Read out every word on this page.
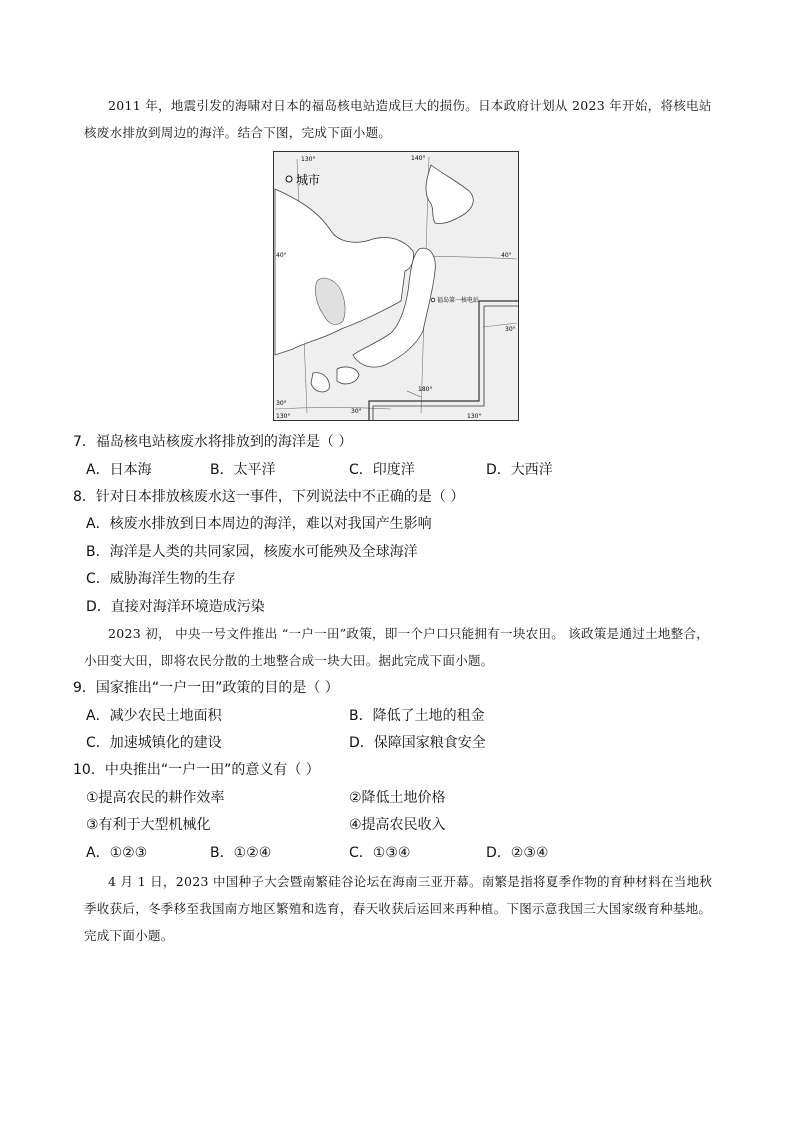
2011 年，地震引发的海啸对日本的福岛核电站造成巨大的损伤。日本政府计划从 2023 年开始，将核电站核废水排放到周边的海洋。结合下图，完成下面小题。
城市
130°	140°
40°	40°
30°
30°
30°
130°
180°
130°
福岛第一核电站
7．福岛核电站核废水将排放到的海洋是（ ）
A．日本海	B．太平洋	C．印度洋	D．大西洋
8．针对日本排放核废水这一事件，下列说法中不正确的是（ ）
A．核废水排放到日本周边的海洋，难以对我国产生影响
B．海洋是人类的共同家园，核废水可能殃及全球海洋
C．威胁海洋生物的生存
D．直接对海洋环境造成污染
2023 初， 中央一号文件推出 “一户一田”政策，即一个户口只能拥有一块农田。 该政策是通过土地整合，小田变大田，即将农民分散的土地整合成一块大田。据此完成下面小题。
9．国家推出“一户一田”政策的目的是（ ）
A．减少农民土地面积	B．降低了土地的租金
C．加速城镇化的建设	D．保障国家粮食安全
10．中央推出“一户一田”的意义有（ ）
①提高农民的耕作效率	②降低土地价格
③有利于大型机械化	④提高农民收入
A．①②③	B．①②④	C．①③④	D．②③④
4 月 1 日，2023 中国种子大会暨南繁硅谷论坛在海南三亚开幕。南繁是指将夏季作物的育种材料在当地秋季收获后，冬季移至我国南方地区繁殖和选育，春天收获后运回来再种植。下图示意我国三大国家级育种基地。完成下面小题。
